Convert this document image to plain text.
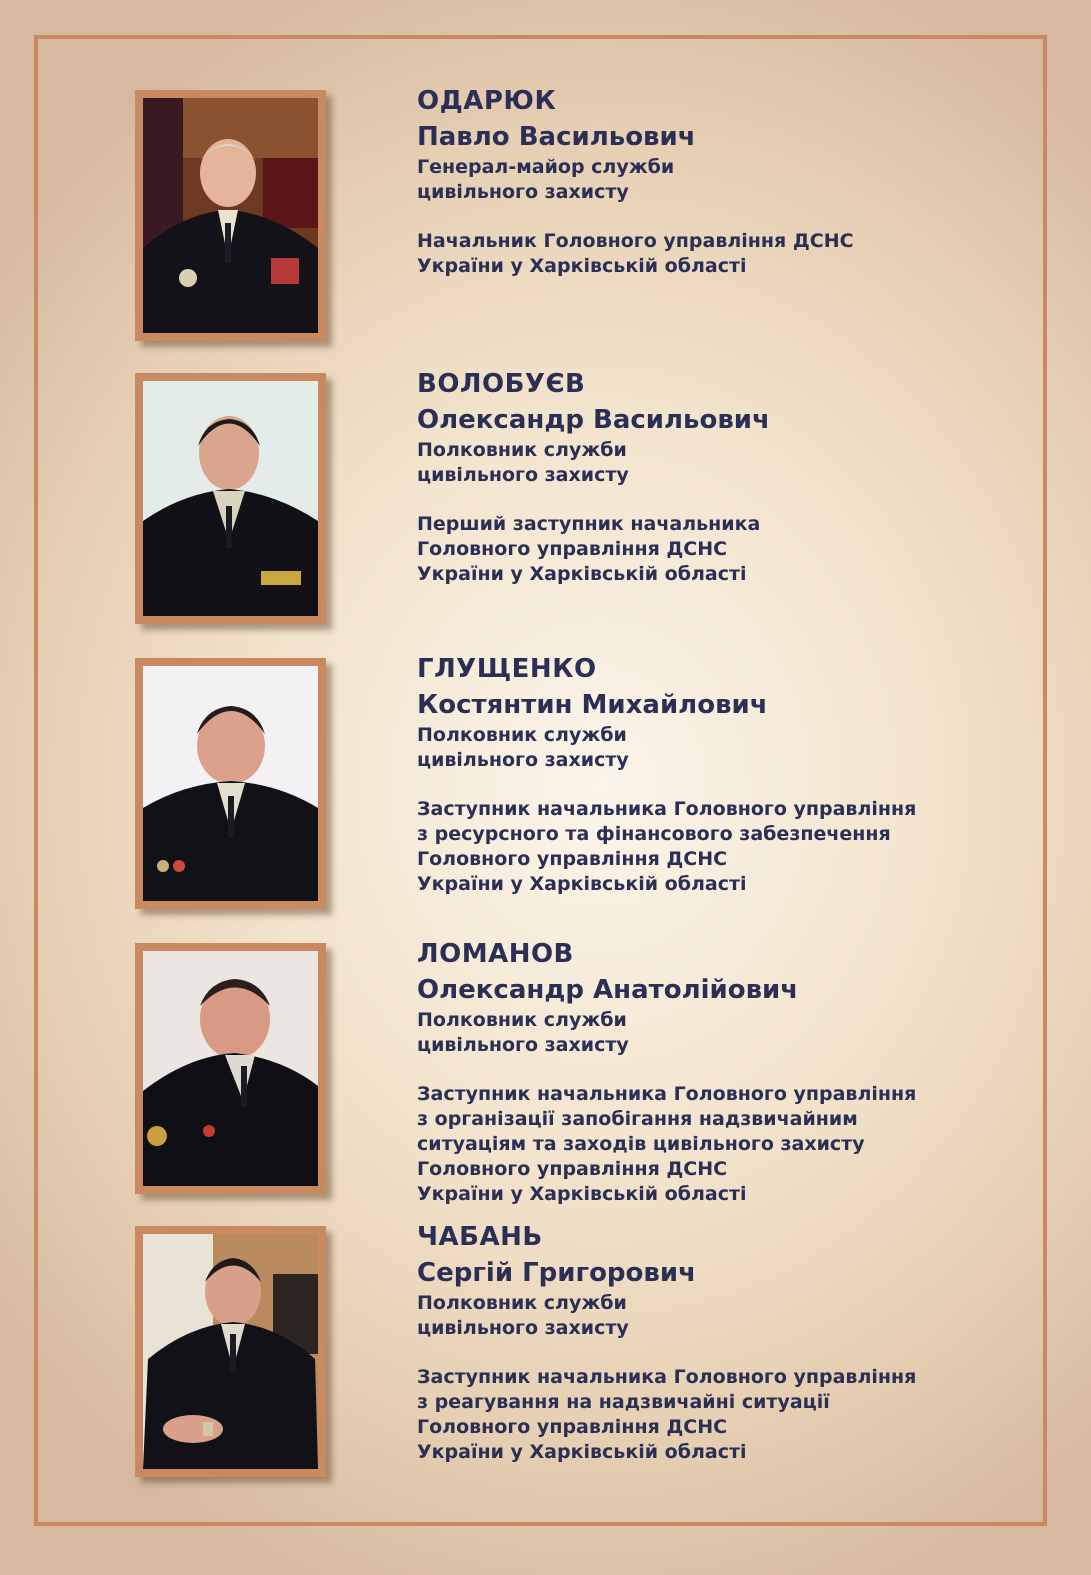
ОДАРЮК

Павло Васильович

Генерал-майор служби

цивільного захисту

Начальник Головного управління ДСНС

України у Харківській області

ВОЛОБУЄВ

Олександр Васильович

Полковник служби

цивільного захисту

Перший заступник начальника

Головного управління ДСНС

України у Харківській області

ГЛУЩЕНКО

Костянтин Михайлович

Полковник служби

цивільного захисту

Заступник начальника Головного управління

з ресурсного та фінансового забезпечення

Головного управління ДСНС

України у Харківській області

ЛОМАНОВ

Олександр Анатолійович

Полковник служби

цивільного захисту

Заступник начальника Головного управління

з організації запобігання надзвичайним

ситуаціям та заходів цивільного захисту

Головного управління ДСНС

України у Харківській області

ЧАБАНЬ

Сергій Григорович

Полковник служби

цивільного захисту

Заступник начальника Головного управління

з реагування на надзвичайні ситуації

Головного управління ДСНС

України у Харківській області
